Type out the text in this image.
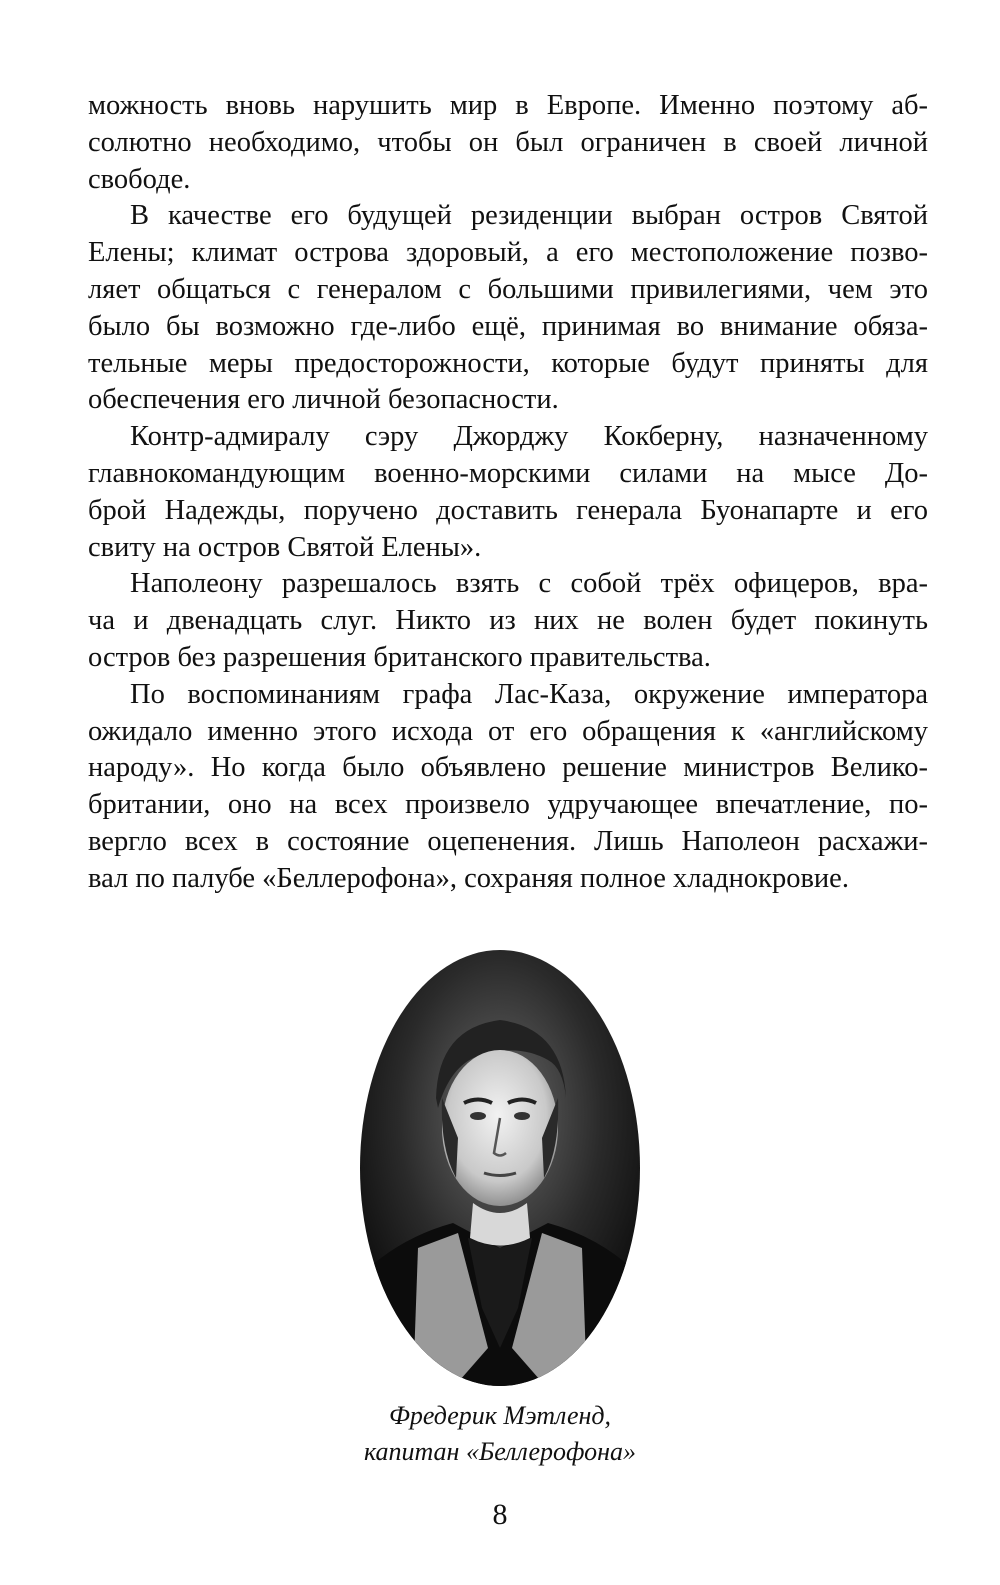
можность вновь нарушить мир в Европе. Именно поэтому аб-
солютно необходимо, чтобы он был ограничен в своей личной
свободе.
В качестве его будущей резиденции выбран остров Святой
Елены; климат острова здоровый, а его местоположение позво-
ляет общаться с генералом с большими привилегиями, чем это
было бы возможно где-либо ещё, принимая во внимание обяза-
тельные меры предосторожности, которые будут приняты для
обеспечения его личной безопасности.
Контр-адмиралу сэру Джорджу Кокберну, назначенному
главнокомандующим военно-морскими силами на мысе До-
брой Надежды, поручено доставить генерала Буонапарте и его
свиту на остров Святой Елены».
Наполеону разрешалось взять с собой трёх офицеров, вра-
ча и двенадцать слуг. Никто из них не волен будет покинуть
остров без разрешения британского правительства.
По воспоминаниям графа Лас-Каза, окружение императора
ожидало именно этого исхода от его обращения к «английскому
народу». Но когда было объявлено решение министров Велико-
британии, оно на всех произвело удручающее впечатление, по-
вергло всех в состояние оцепенения. Лишь Наполеон расхажи-
вал по палубе «Беллерофона», сохраняя полное хладнокровие.
Фредерик Мэтленд,
капитан «Беллерофона»
8
